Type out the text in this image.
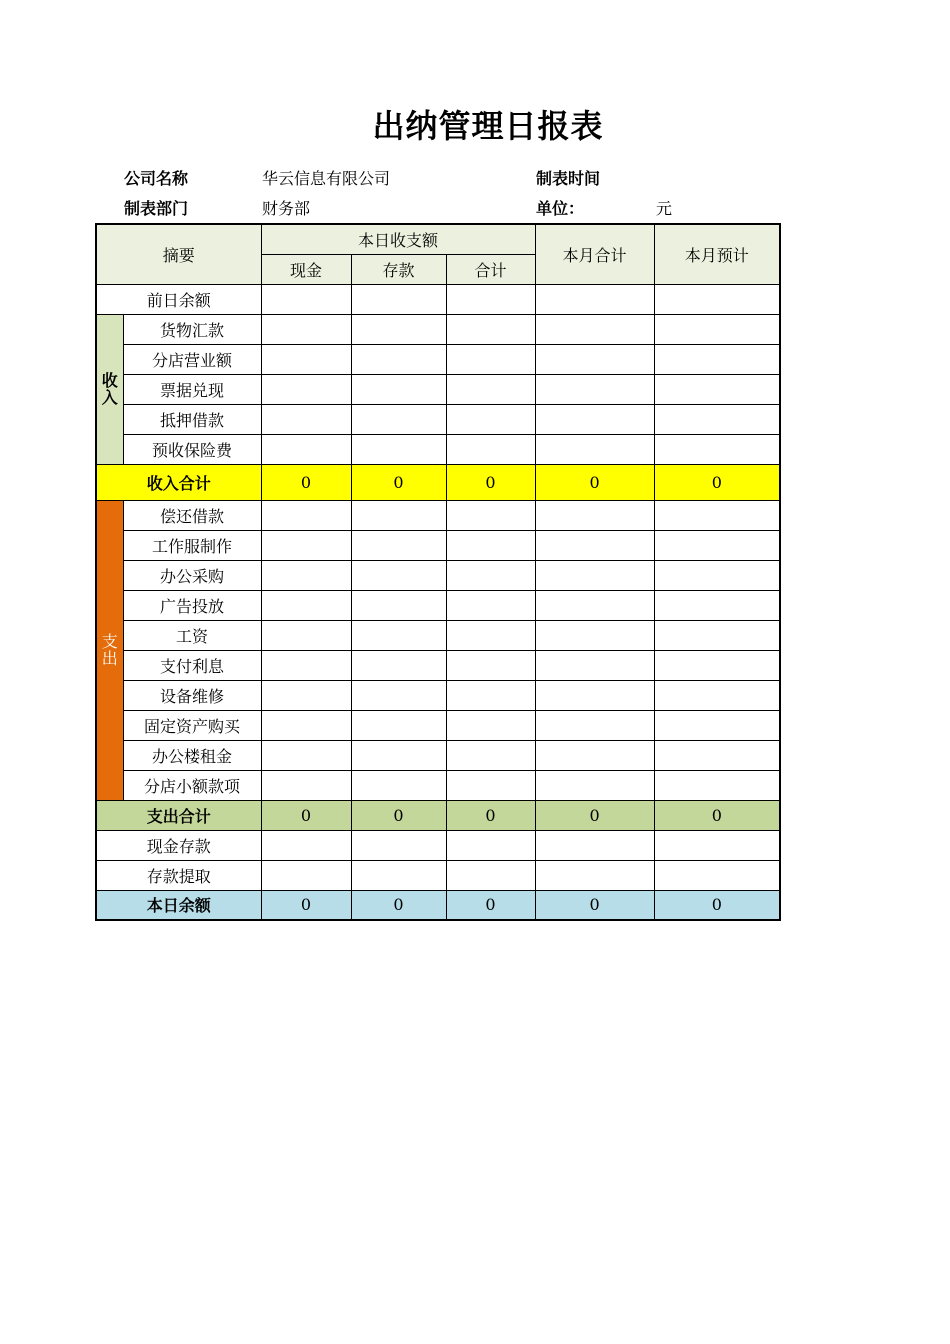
出纳管理日报表
公司名称	华云信息有限公司	制表时间
制表部门	财务部	单位：	元
摘要		本日收支额			本月合计	本月预计
		现金	存款	合计		
前日余额						
收
入	货物汇款					
	分店营业额					
	票据兑现					
	抵押借款					
	预收保险费					
收入合计		0	0	0	0	0
支
出	偿还借款					
	工作服制作					
	办公采购					
	广告投放					
	工资					
	支付利息					
	设备维修					
	固定资产购买					
	办公楼租金					
	分店小额款项					
支出合计		0	0	0	0	0
现金存款						
存款提取						
本日余额		0	0	0	0	0
